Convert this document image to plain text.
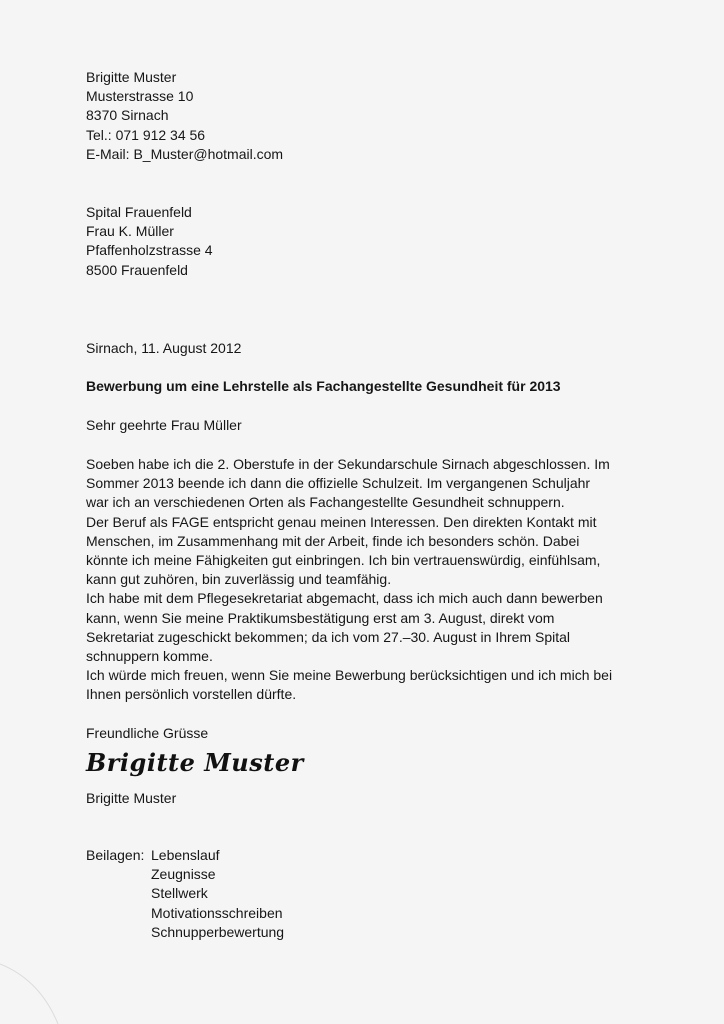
Brigitte Muster
Musterstrasse 10
8370 Sirnach
Tel.: 071 912 34 56
E-Mail: B_Muster@hotmail.com
Spital Frauenfeld
Frau K. Müller
Pfaffenholzstrasse 4
8500 Frauenfeld
Sirnach, 11. August 2012
Bewerbung um eine Lehrstelle als Fachangestellte Gesundheit für 2013
Sehr geehrte Frau Müller
Soeben habe ich die 2. Oberstufe in der Sekundarschule Sirnach abgeschlossen. Im
Sommer 2013 beende ich dann die offizielle Schulzeit. Im vergangenen Schuljahr
war ich an verschiedenen Orten als Fachangestellte Gesundheit schnuppern.
Der Beruf als FAGE entspricht genau meinen Interessen. Den direkten Kontakt mit
Menschen, im Zusammenhang mit der Arbeit, finde ich besonders schön. Dabei
könnte ich meine Fähigkeiten gut einbringen. Ich bin vertrauenswürdig, einfühlsam,
kann gut zuhören, bin zuverlässig und teamfähig.
Ich habe mit dem Pflegesekretariat abgemacht, dass ich mich auch dann bewerben
kann, wenn Sie meine Praktikumsbestätigung erst am 3. August, direkt vom
Sekretariat zugeschickt bekommen; da ich vom 27.–30. August in Ihrem Spital
schnuppern komme.
Ich würde mich freuen, wenn Sie meine Bewerbung berücksichtigen und ich mich bei
Ihnen persönlich vorstellen dürfte.
Freundliche Grüsse
Brigitte Muster
Brigitte Muster
Beilagen: Lebenslauf
Zeugnisse
Stellwerk
Motivationsschreiben
Schnupperbewertung
